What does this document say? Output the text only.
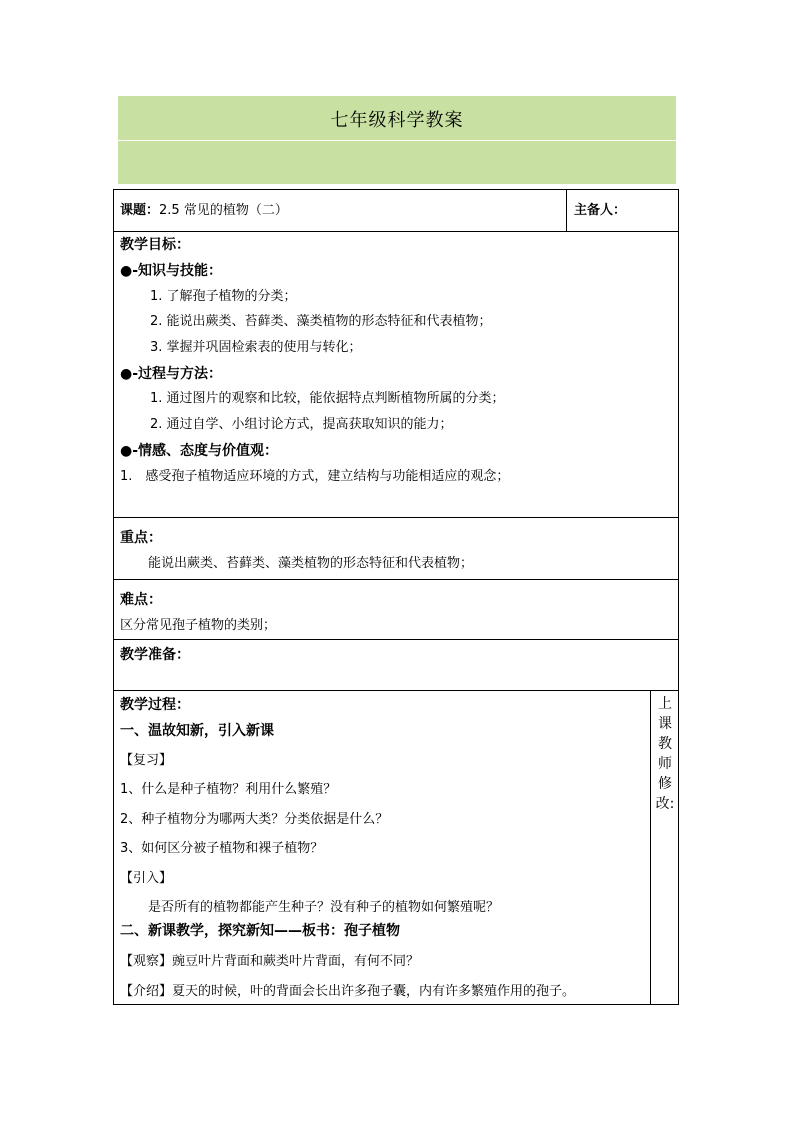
七年级科学教案
课题：2.5 常见的植物（二）	主备人：
教学目标：
●-知识与技能：
1. 了解孢子植物的分类；
2. 能说出蕨类、苔藓类、藻类植物的形态特征和代表植物；
3. 掌握并巩固检索表的使用与转化；
●-过程与方法：
1. 通过图片的观察和比较，能依据特点判断植物所属的分类；
2. 通过自学、小组讨论方式，提高获取知识的能力；
●-情感、态度与价值观：
1.　感受孢子植物适应环境的方式，建立结构与功能相适应的观念；
重点：
能说出蕨类、苔藓类、藻类植物的形态特征和代表植物；
难点：
区分常见孢子植物的类别；
教学准备：
教学过程：
一、温故知新，引入新课
【复习】
1、什么是种子植物？利用什么繁殖？
2、种子植物分为哪两大类？分类依据是什么？
3、如何区分被子植物和裸子植物？
【引入】
是否所有的植物都能产生种子？没有种子的植物如何繁殖呢？
二、新课教学，探究新知——板书：孢子植物
【观察】豌豆叶片背面和蕨类叶片背面，有何不同？
【介绍】夏天的时候，叶的背面会长出许多孢子囊，内有许多繁殖作用的孢子。
上
课
教
师
修
改:
